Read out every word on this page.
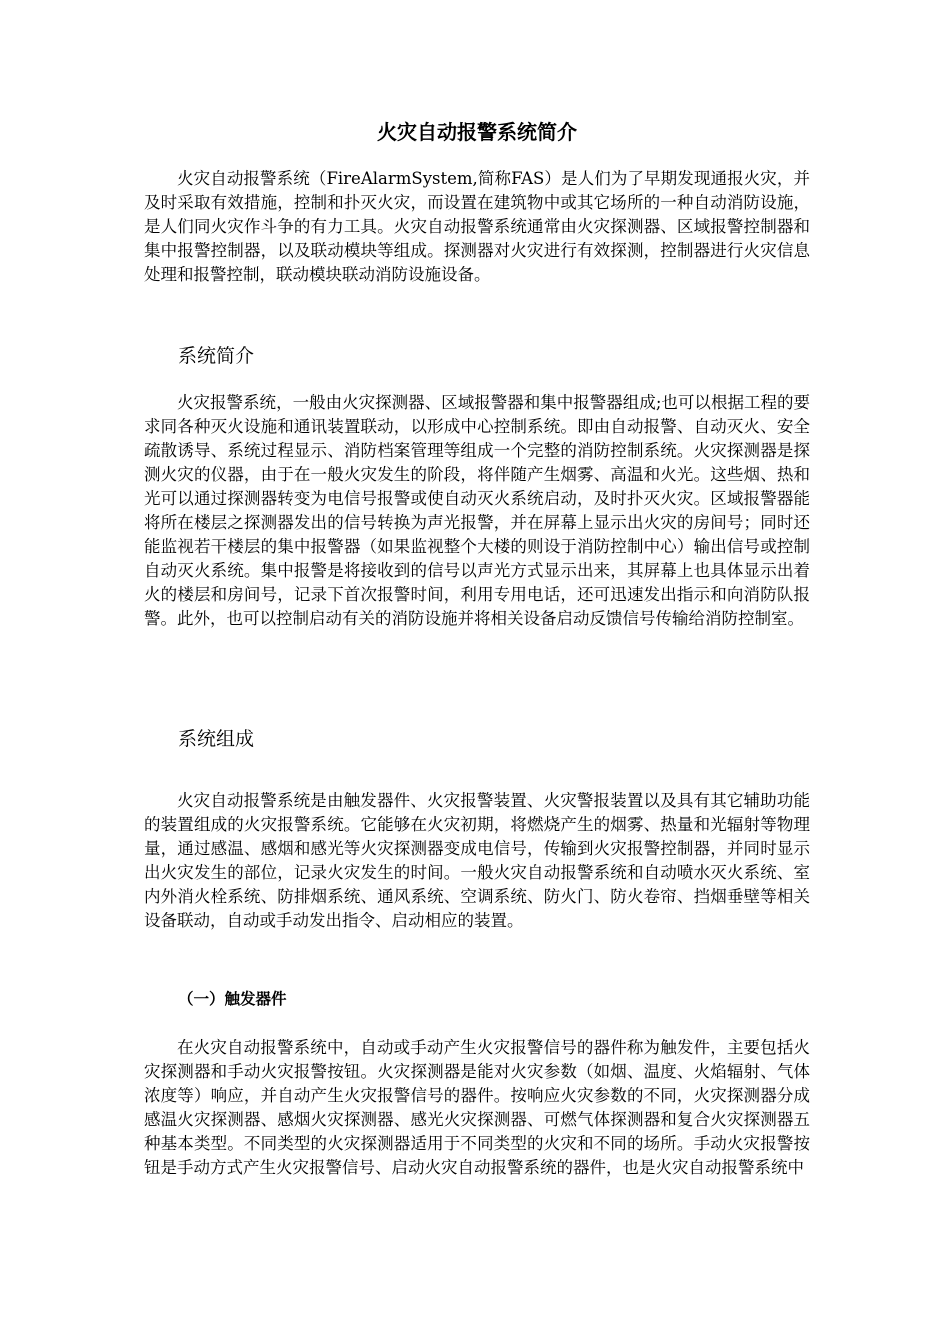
火灾自动报警系统简介

火灾自动报警系统（FireAlarmSystem,简称FAS）是人们为了早期发现通报火灾，并及时采取有效措施，控制和扑灭火灾，而设置在建筑物中或其它场所的一种自动消防设施，是人们同火灾作斗争的有力工具。火灾自动报警系统通常由火灾探测器、区域报警控制器和集中报警控制器，以及联动模块等组成。探测器对火灾进行有效探测，控制器进行火灾信息处理和报警控制，联动模块联动消防设施设备。

系统简介

火灾报警系统，一般由火灾探测器、区域报警器和集中报警器组成;也可以根据工程的要求同各种灭火设施和通讯装置联动，以形成中心控制系统。即由自动报警、自动灭火、安全疏散诱导、系统过程显示、消防档案管理等组成一个完整的消防控制系统。火灾探测器是探测火灾的仪器，由于在一般火灾发生的阶段，将伴随产生烟雾、高温和火光。这些烟、热和光可以通过探测器转变为电信号报警或使自动灭火系统启动，及时扑灭火灾。区域报警器能将所在楼层之探测器发出的信号转换为声光报警，并在屏幕上显示出火灾的房间号；同时还能监视若干楼层的集中报警器（如果监视整个大楼的则设于消防控制中心）输出信号或控制自动灭火系统。集中报警是将接收到的信号以声光方式显示出来，其屏幕上也具体显示出着火的楼层和房间号，记录下首次报警时间，利用专用电话，还可迅速发出指示和向消防队报警。此外，也可以控制启动有关的消防设施并将相关设备启动反馈信号传输给消防控制室。

系统组成

火灾自动报警系统是由触发器件、火灾报警装置、火灾警报装置以及具有其它辅助功能的装置组成的火灾报警系统。它能够在火灾初期，将燃烧产生的烟雾、热量和光辐射等物理量，通过感温、感烟和感光等火灾探测器变成电信号，传输到火灾报警控制器，并同时显示出火灾发生的部位，记录火灾发生的时间。一般火灾自动报警系统和自动喷水灭火系统、室内外消火栓系统、防排烟系统、通风系统、空调系统、防火门、防火卷帘、挡烟垂壁等相关设备联动，自动或手动发出指令、启动相应的装置。

（一）触发器件

在火灾自动报警系统中，自动或手动产生火灾报警信号的器件称为触发件，主要包括火灾探测器和手动火灾报警按钮。火灾探测器是能对火灾参数（如烟、温度、火焰辐射、气体浓度等）响应，并自动产生火灾报警信号的器件。按响应火灾参数的不同，火灾探测器分成感温火灾探测器、感烟火灾探测器、感光火灾探测器、可燃气体探测器和复合火灾探测器五种基本类型。不同类型的火灾探测器适用于不同类型的火灾和不同的场所。手动火灾报警按钮是手动方式产生火灾报警信号、启动火灾自动报警系统的器件，也是火灾自动报警系统中
